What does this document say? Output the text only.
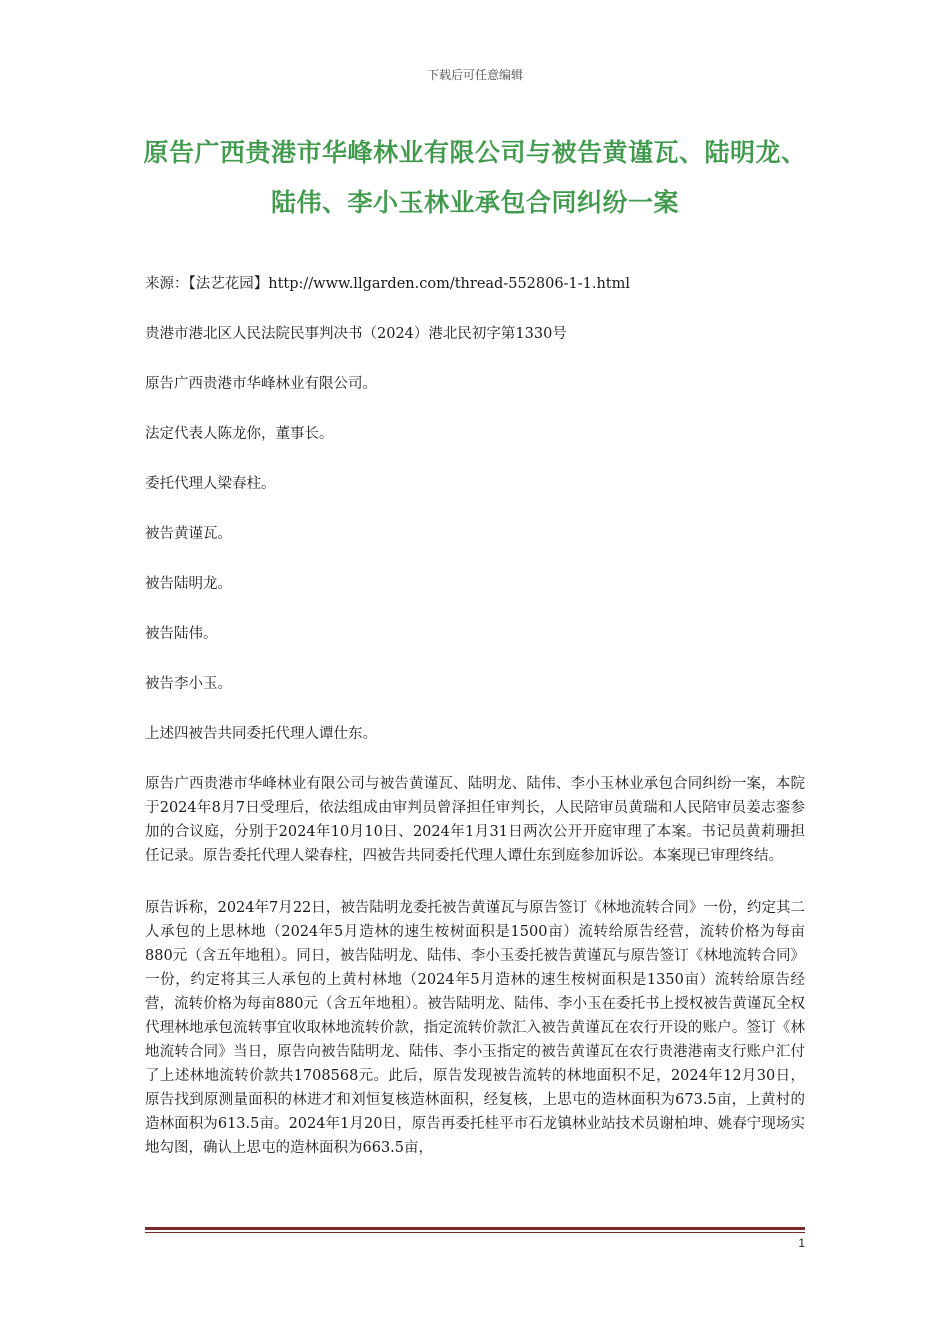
下载后可任意编辑
原告广西贵港市华峰林业有限公司与被告黄谨瓦、陆明龙、
陆伟、李小玉林业承包合同纠纷一案

来源：【法艺花园】http://www.llgarden.com/thread-552806-1-1.html

贵港市港北区人民法院民事判决书（2024）港北民初字第1330号

原告广西贵港市华峰林业有限公司。

法定代表人陈龙你，董事长。

委托代理人梁春柱。

被告黄谨瓦。

被告陆明龙。

被告陆伟。

被告李小玉。

上述四被告共同委托代理人谭仕东。

原告广西贵港市华峰林业有限公司与被告黄谨瓦、陆明龙、陆伟、李小玉林业承包合同纠纷一案，本院于2024年8月7日受理后，依法组成由审判员曾泽担任审判长，人民陪审员黄瑞和人民陪审员姜志銮参加的合议庭，分别于2024年10月10日、2024年1月31日两次公开开庭审理了本案。书记员黄莉珊担任记录。原告委托代理人梁春柱，四被告共同委托代理人谭仕东到庭参加诉讼。本案现已审理终结。

原告诉称，2024年7月22日，被告陆明龙委托被告黄谨瓦与原告签订《林地流转合同》一份，约定其二人承包的上思林地（2024年5月造林的速生桉树面积是1500亩）流转给原告经营，流转价格为每亩880元（含五年地租）。同日，被告陆明龙、陆伟、李小玉委托被告黄谨瓦与原告签订《林地流转合同》一份，约定将其三人承包的上黄村林地（2024年5月造林的速生桉树面积是1350亩）流转给原告经营，流转价格为每亩880元（含五年地租）。被告陆明龙、陆伟、李小玉在委托书上授权被告黄谨瓦全权代理林地承包流转事宜收取林地流转价款，指定流转价款汇入被告黄谨瓦在农行开设的账户。签订《林地流转合同》当日，原告向被告陆明龙、陆伟、李小玉指定的被告黄谨瓦在农行贵港港南支行账户汇付了上述林地流转价款共1708568元。此后，原告发现被告流转的林地面积不足，2024年12月30日，原告找到原测量面积的林进才和刘恒复核造林面积，经复核，上思屯的造林面积为673.5亩，上黄村的造林面积为613.5亩。2024年1月20日，原告再委托桂平市石龙镇林业站技术员谢柏坤、姚春宁现场实地勾图，确认上思屯的造林面积为663.5亩，

1
